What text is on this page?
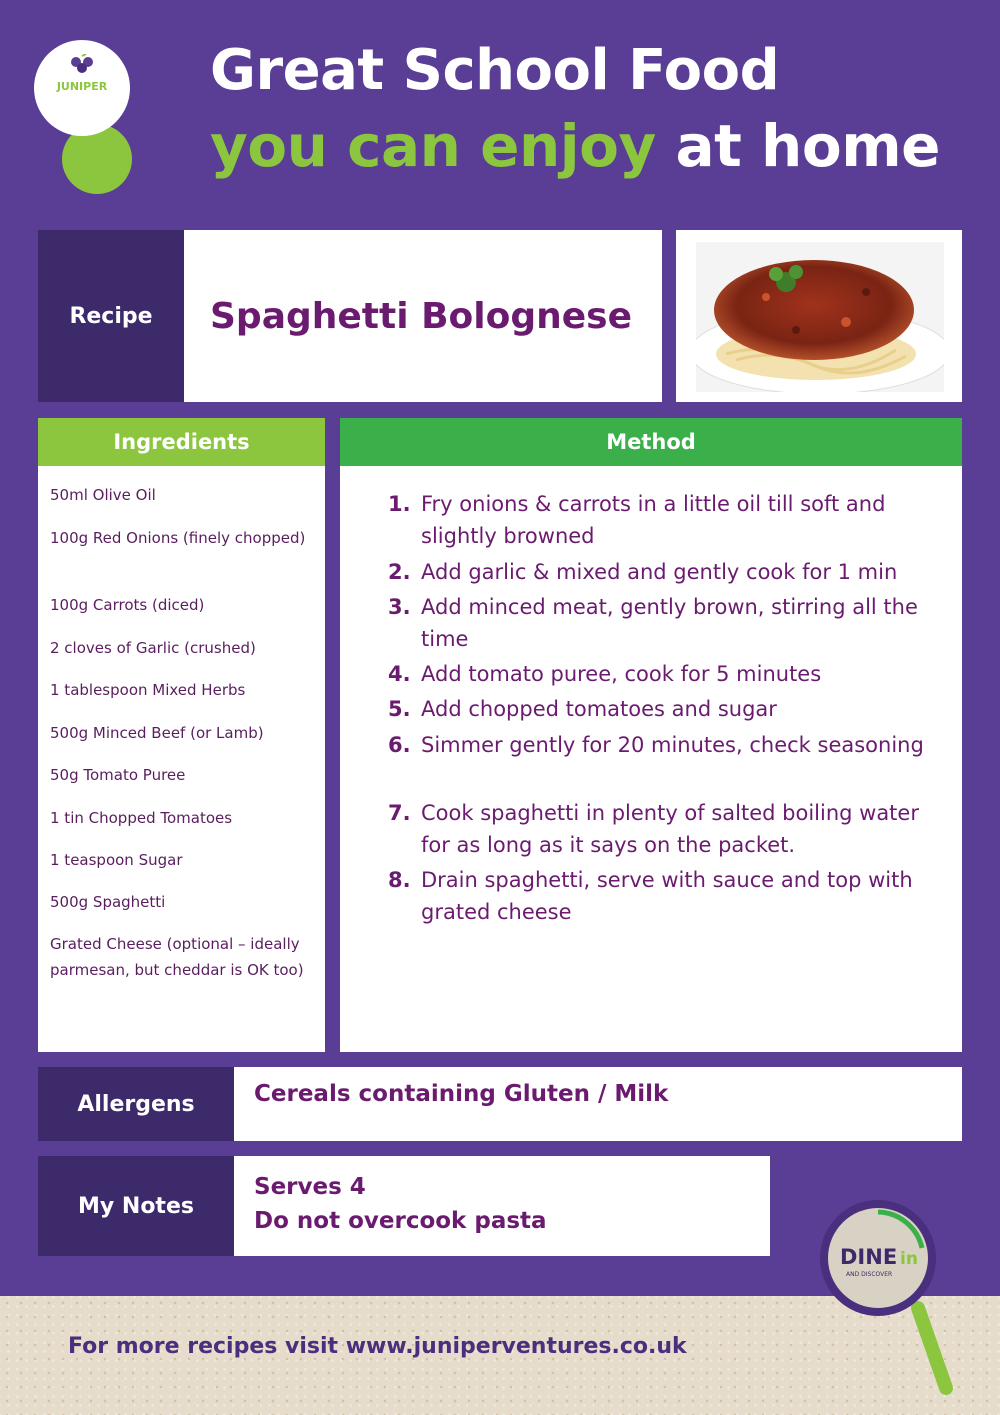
JUNIPER	Great School Food
you can enjoy at home
Recipe Spaghetti Bolognese
Ingredients
50ml Olive Oil
100g Red Onions (finely chopped)
100g Carrots (diced)
2 cloves of Garlic (crushed)
1 tablespoon Mixed Herbs
500g Minced Beef (or Lamb)
50g Tomato Puree
1 tin Chopped Tomatoes
1 teaspoon Sugar
500g Spaghetti
Grated Cheese (optional – ideally parmesan, but cheddar is OK too)
Method
1. Fry onions & carrots in a little oil till soft and slightly browned
2. Add garlic & mixed and gently cook for 1 min
3. Add minced meat, gently brown, stirring all the time
4. Add tomato puree, cook for 5 minutes
5. Add chopped tomatoes and sugar
6. Simmer gently for 20 minutes, check seasoning
7. Cook spaghetti in plenty of salted boiling water for as long as it says on the packet.
8. Drain spaghetti, serve with sauce and top with grated cheese
Allergens	Cereals containing Gluten / Milk
My Notes
Serves 4
Do not overcook pasta
For more recipes visit www.juniperventures.co.uk
DINE in
AND DISCOVER
